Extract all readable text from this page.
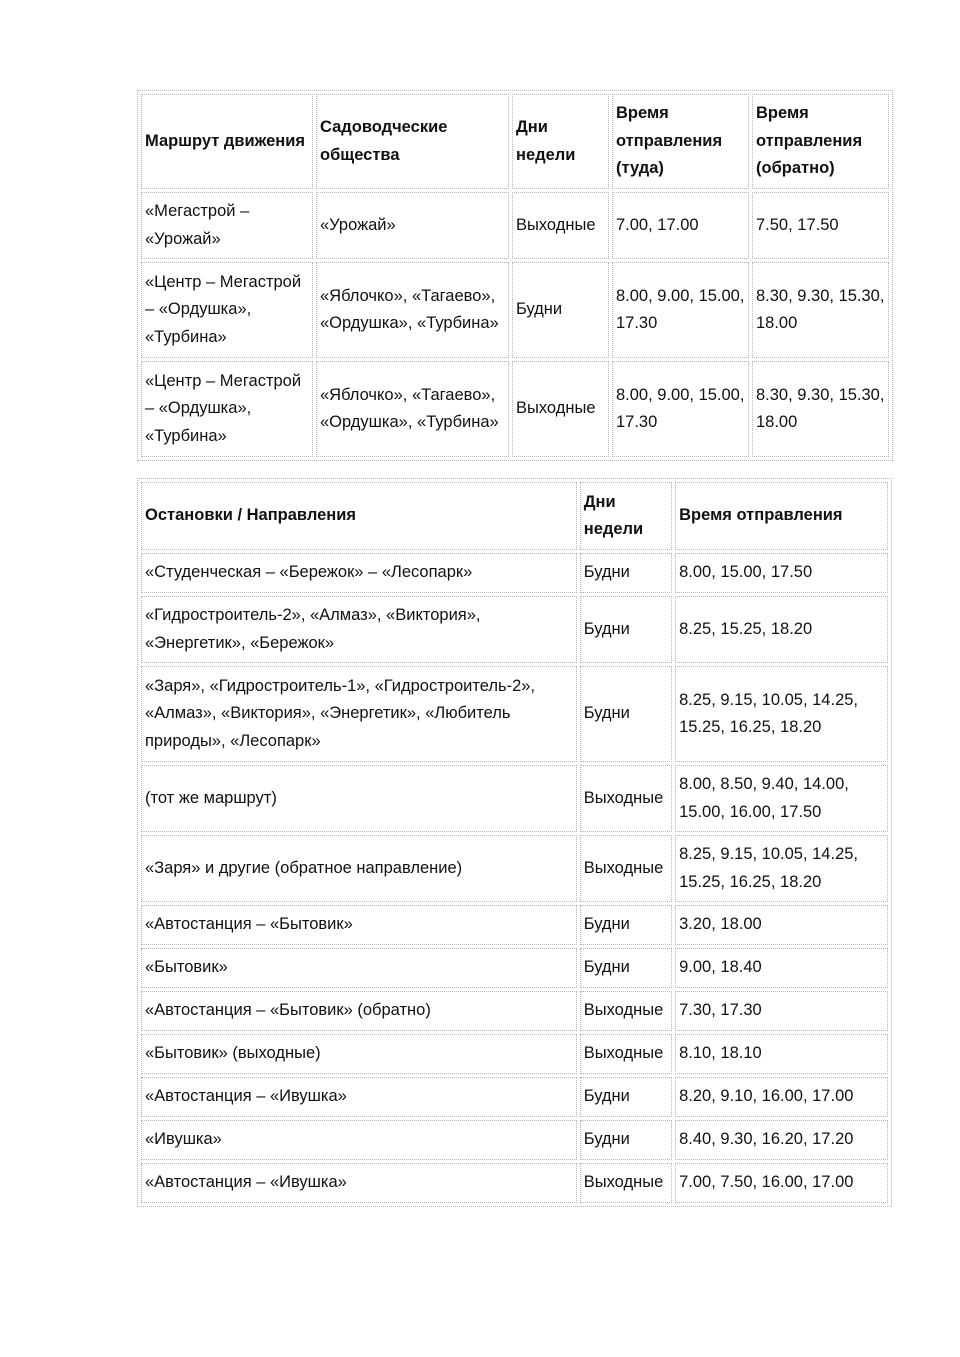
Маршрут движения	Садоводческие общества	Дни недели	Время отправления (туда)	Время отправления (обратно)
«Мегастрой – «Урожай»	«Урожай»	Выходные	7.00, 17.00	7.50, 17.50
«Центр – Мегастрой – «Ордушка», «Турбина»	«Яблочко», «Тагаево», «Ордушка», «Турбина»	Будни	8.00, 9.00, 15.00, 17.30	8.30, 9.30, 15.30, 18.00
«Центр – Мегастрой – «Ордушка», «Турбина»	«Яблочко», «Тагаево», «Ордушка», «Турбина»	Выходные	8.00, 9.00, 15.00, 17.30	8.30, 9.30, 15.30, 18.00
Остановки / Направления	Дни недели	Время отправления
«Студенческая – «Бережок» – «Лесопарк»	Будни	8.00, 15.00, 17.50
«Гидростроитель-2», «Алмаз», «Виктория», «Энергетик», «Бережок»	Будни	8.25, 15.25, 18.20
«Заря», «Гидростроитель-1», «Гидростроитель-2», «Алмаз», «Виктория», «Энергетик», «Любитель природы», «Лесопарк»	Будни	8.25, 9.15, 10.05, 14.25, 15.25, 16.25, 18.20
(тот же маршрут)	Выходные	8.00, 8.50, 9.40, 14.00, 15.00, 16.00, 17.50
«Заря» и другие (обратное направление)	Выходные	8.25, 9.15, 10.05, 14.25, 15.25, 16.25, 18.20
«Автостанция – «Бытовик»	Будни	3.20, 18.00
«Бытовик»	Будни	9.00, 18.40
«Автостанция – «Бытовик» (обратно)	Выходные	7.30, 17.30
«Бытовик» (выходные)	Выходные	8.10, 18.10
«Автостанция – «Ивушка»	Будни	8.20, 9.10, 16.00, 17.00
«Ивушка»	Будни	8.40, 9.30, 16.20, 17.20
«Автостанция – «Ивушка»	Выходные	7.00, 7.50, 16.00, 17.00
